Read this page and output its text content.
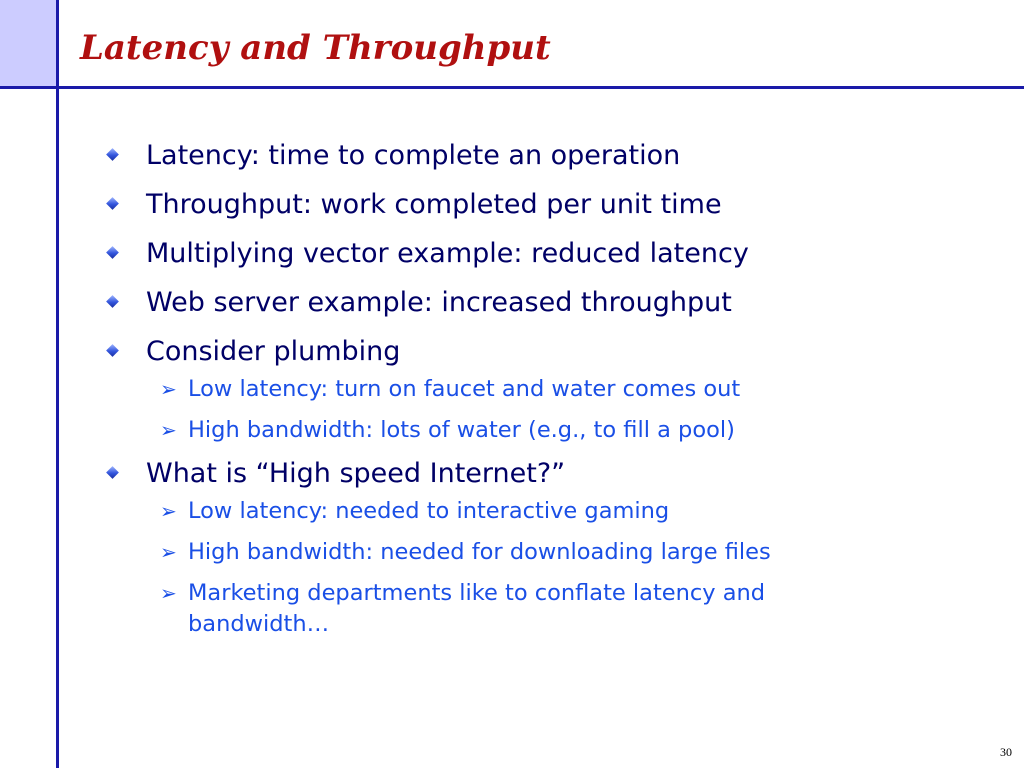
Latency and Throughput
Latency: time to complete an operation
Throughput: work completed per unit time
Multiplying vector example: reduced latency
Web server example: increased throughput
Consider plumbing
➢ Low latency: turn on faucet and water comes out
➢ High bandwidth: lots of water (e.g., to fill a pool)
What is “High speed Internet?”
➢ Low latency: needed to interactive gaming
➢ High bandwidth: needed for downloading large files
➢ Marketing departments like to conflate latency and bandwidth…
30
